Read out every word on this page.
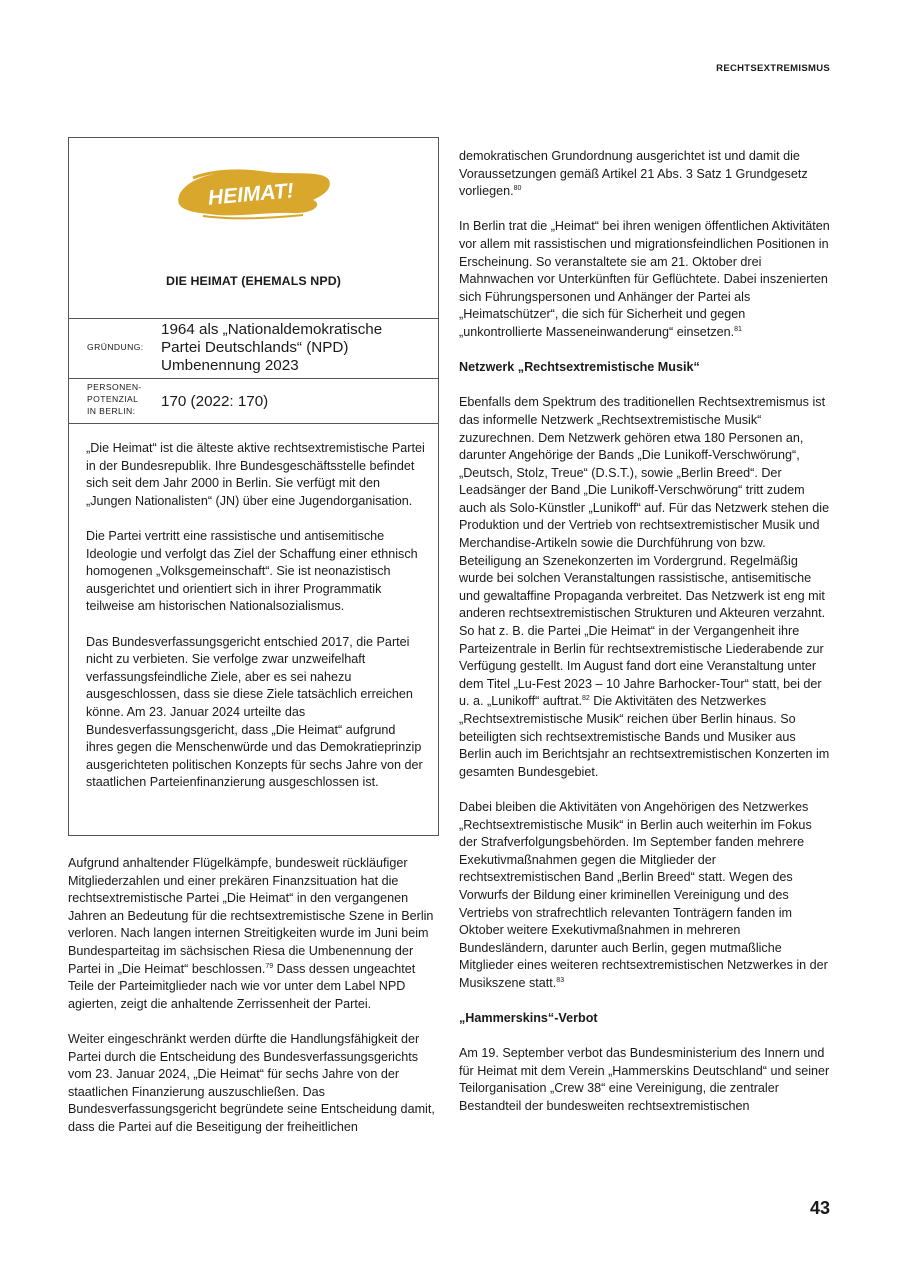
RECHTSEXTREMISMUS
HEIMAT!
DIE HEIMAT (EHEMALS NPD)
GRÜNDUNG:
1964 als „Nationaldemokratische
Partei Deutschlands“ (NPD)
Umbenennung 2023
PERSONEN-
POTENZIAL
IN BERLIN:
170 (2022: 170)

„Die Heimat“ ist die älteste aktive rechtsextremistische Partei in der Bundesrepublik. Ihre Bundesgeschäftsstelle befindet sich seit dem Jahr 2000 in Berlin. Sie verfügt mit den „Jungen Nationalisten“ (JN) über eine Jugendorganisation.

Die Partei vertritt eine rassistische und antisemitische Ideologie und verfolgt das Ziel der Schaffung einer ethnisch homogenen „Volksgemeinschaft“. Sie ist neonazistisch ausgerichtet und orientiert sich in ihrer Programmatik teilweise am historischen Nationalsozialismus.

Das Bundesverfassungsgericht entschied 2017, die Partei nicht zu verbieten. Sie verfolge zwar unzweifelhaft verfassungsfeindliche Ziele, aber es sei nahezu ausgeschlossen, dass sie diese Ziele tatsächlich erreichen könne. Am 23. Januar 2024 urteilte das Bundesverfassungsgericht, dass „Die Heimat“ aufgrund ihres gegen die Menschenwürde und das Demokratieprinzip ausgerichteten politischen Konzepts für sechs Jahre von der staatlichen Parteienfinanzierung ausgeschlossen ist.

Aufgrund anhaltender Flügelkämpfe, bundesweit rückläufiger Mitgliederzahlen und einer prekären Finanzsituation hat die rechtsextremistische Partei „Die Heimat“ in den vergangenen Jahren an Bedeutung für die rechtsextremistische Szene in Berlin verloren. Nach langen internen Streitigkeiten wurde im Juni beim Bundesparteitag im sächsischen Riesa die Umbenennung der Partei in „Die Heimat“ beschlossen.$^{79}$ Dass dessen ungeachtet Teile der Parteimitglieder nach wie vor unter dem Label NPD agierten, zeigt die anhaltende Zerrissenheit der Partei.

Weiter eingeschränkt werden dürfte die Handlungsfähigkeit der Partei durch die Entscheidung des Bundesverfassungsgerichts vom 23. Januar 2024, „Die Heimat“ für sechs Jahre von der staatlichen Finanzierung auszuschließen. Das Bundesverfassungsgericht begründete seine Entscheidung damit, dass die Partei auf die Beseitigung der freiheitlichen

demokratischen Grundordnung ausgerichtet ist und damit die Voraussetzungen gemäß Artikel 21 Abs. 3 Satz 1 Grundgesetz vorliegen.$^{80}$

In Berlin trat die „Heimat“ bei ihren wenigen öffentlichen Aktivitäten vor allem mit rassistischen und migrationsfeindlichen Positionen in Erscheinung. So veranstaltete sie am 21. Oktober drei Mahnwachen vor Unterkünften für Geflüchtete. Dabei inszenierten sich Führungspersonen und Anhänger der Partei als „Heimatschützer“, die sich für Sicherheit und gegen „unkontrollierte Masseneinwanderung“ einsetzen.$^{81}$

Netzwerk „Rechtsextremistische Musik“

Ebenfalls dem Spektrum des traditionellen Rechtsextremismus ist das informelle Netzwerk „Rechtsextremistische Musik“ zuzurechnen. Dem Netzwerk gehören etwa 180 Personen an, darunter Angehörige der Bands „Die Lunikoff-Verschwörung“, „Deutsch, Stolz, Treue“ (D.S.T.), sowie „Berlin Breed“. Der Leadsänger der Band „Die Lunikoff-Verschwörung“ tritt zudem auch als Solo-Künstler „Lunikoff“ auf. Für das Netzwerk stehen die Produktion und der Vertrieb von rechtsextremistischer Musik und Merchandise-Artikeln sowie die Durchführung von bzw. Beteiligung an Szenekonzerten im Vordergrund. Regelmäßig wurde bei solchen Veranstaltungen rassistische, antisemitische und gewaltaffine Propaganda verbreitet. Das Netzwerk ist eng mit anderen rechtsextremistischen Strukturen und Akteuren verzahnt. So hat z. B. die Partei „Die Heimat“ in der Vergangenheit ihre Parteizentrale in Berlin für rechtsextremistische Liederabende zur Verfügung gestellt. Im August fand dort eine Veranstaltung unter dem Titel „Lu-Fest 2023 – 10 Jahre Barhocker-Tour“ statt, bei der u. a. „Lunikoff“ auftrat.$^{82}$ Die Aktivitäten des Netzwerkes „Rechtsextremistische Musik“ reichen über Berlin hinaus. So beteiligten sich rechtsextremistische Bands und Musiker aus Berlin auch im Berichtsjahr an rechtsextremistischen Konzerten im gesamten Bundesgebiet.

Dabei bleiben die Aktivitäten von Angehörigen des Netzwerkes „Rechtsextremistische Musik“ in Berlin auch weiterhin im Fokus der Strafverfolgungsbehörden. Im September fanden mehrere Exekutivmaßnahmen gegen die Mitglieder der rechtsextremistischen Band „Berlin Breed“ statt. Wegen des Vorwurfs der Bildung einer kriminellen Vereinigung und des Vertriebs von strafrechtlich relevanten Tonträgern fanden im Oktober weitere Exekutivmaßnahmen in mehreren Bundesländern, darunter auch Berlin, gegen mutmaßliche Mitglieder eines weiteren rechtsextremistischen Netzwerkes in der Musikszene statt.$^{83}$

„Hammerskins“-Verbot

Am 19. September verbot das Bundesministerium des Innern und für Heimat mit dem Verein „Hammerskins Deutschland“ und seiner Teilorganisation „Crew 38“ eine Vereinigung, die zentraler Bestandteil der bundesweiten rechtsextremistischen

43
